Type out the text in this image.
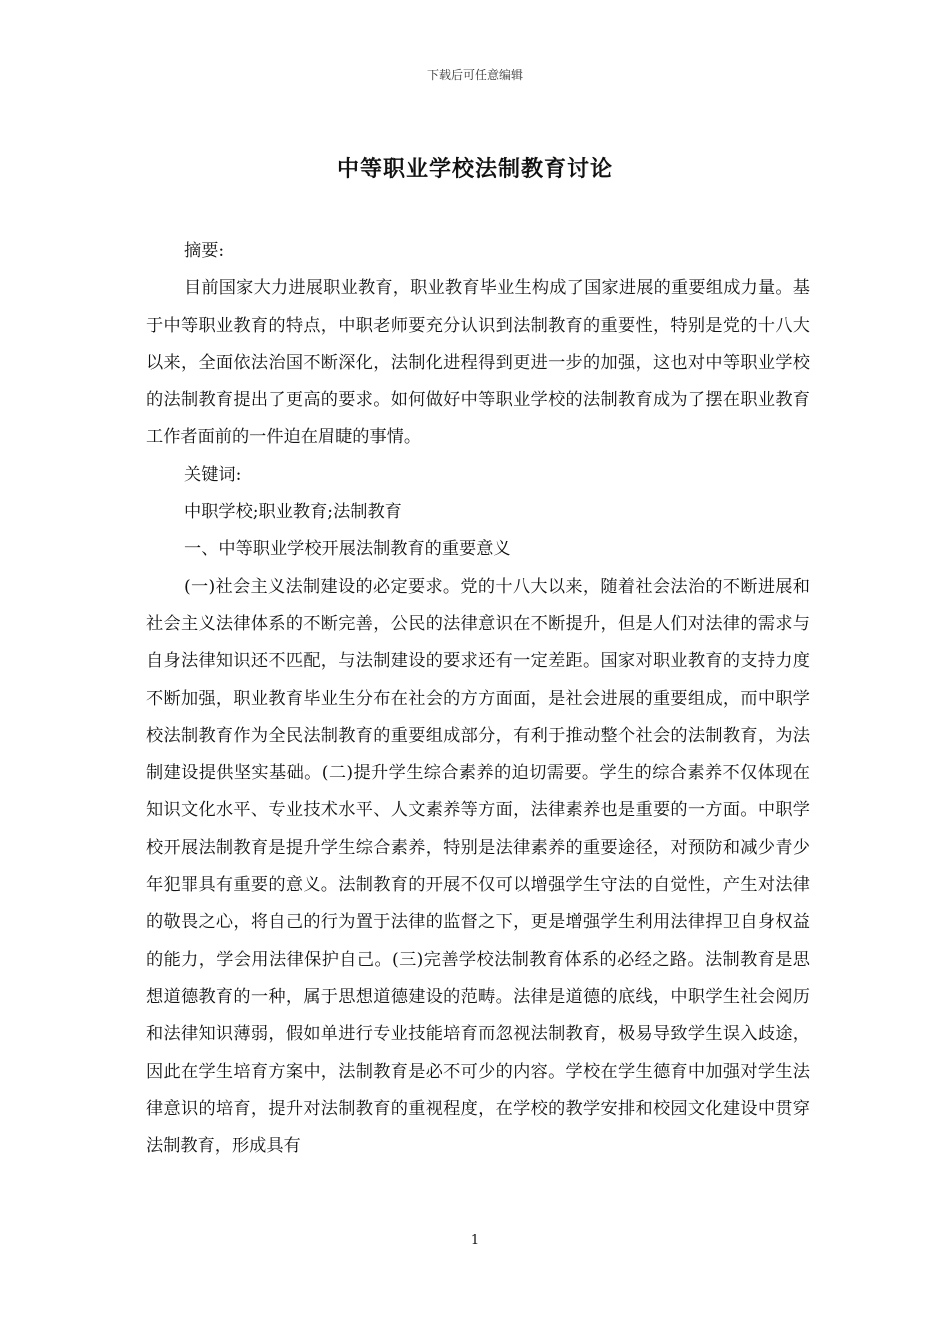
下载后可任意编辑
中等职业学校法制教育讨论

摘要:

目前国家大力进展职业教育，职业教育毕业生构成了国家进展的重要组成力量。基于中等职业教育的特点，中职老师要充分认识到法制教育的重要性，特别是党的十八大以来，全面依法治国不断深化，法制化进程得到更进一步的加强，这也对中等职业学校的法制教育提出了更高的要求。如何做好中等职业学校的法制教育成为了摆在职业教育工作者面前的一件迫在眉睫的事情。

关键词:

中职学校;职业教育;法制教育

一、中等职业学校开展法制教育的重要意义

(一)社会主义法制建设的必定要求。党的十八大以来，随着社会法治的不断进展和社会主义法律体系的不断完善，公民的法律意识在不断提升，但是人们对法律的需求与自身法律知识还不匹配，与法制建设的要求还有一定差距。国家对职业教育的支持力度不断加强，职业教育毕业生分布在社会的方方面面，是社会进展的重要组成，而中职学校法制教育作为全民法制教育的重要组成部分，有利于推动整个社会的法制教育，为法制建设提供坚实基础。(二)提升学生综合素养的迫切需要。学生的综合素养不仅体现在知识文化水平、专业技术水平、人文素养等方面，法律素养也是重要的一方面。中职学校开展法制教育是提升学生综合素养，特别是法律素养的重要途径，对预防和减少青少年犯罪具有重要的意义。法制教育的开展不仅可以增强学生守法的自觉性，产生对法律的敬畏之心，将自己的行为置于法律的监督之下，更是增强学生利用法律捍卫自身权益的能力，学会用法律保护自己。(三)完善学校法制教育体系的必经之路。法制教育是思想道德教育的一种，属于思想道德建设的范畴。法律是道德的底线，中职学生社会阅历和法律知识薄弱，假如单进行专业技能培育而忽视法制教育，极易导致学生误入歧途，因此在学生培育方案中，法制教育是必不可少的内容。学校在学生德育中加强对学生法律意识的培育，提升对法制教育的重视程度，在学校的教学安排和校园文化建设中贯穿法制教育，形成具有

1
